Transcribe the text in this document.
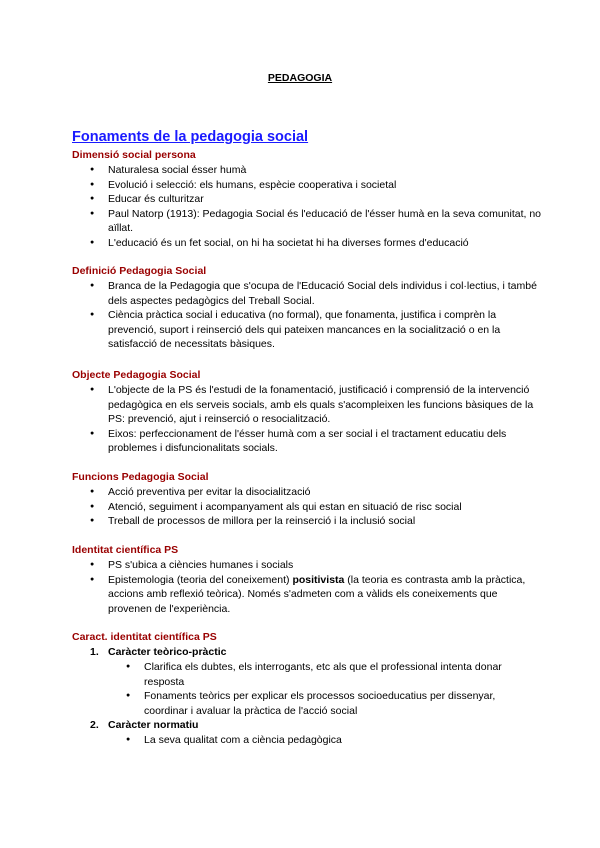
PEDAGOGIA
Fonaments de la pedagogia social
Dimensió social persona
● Naturalesa social ésser humà
● Evolució i selecció: els humans, espècie cooperativa i societal
● Educar és culturitzar
● Paul Natorp (1913): Pedagogia Social és l'educació de l'ésser humà en la seva comunitat, no aïllat.
● L'educació és un fet social, on hi ha societat hi ha diverses formes d'educació
Definició Pedagogia Social
● Branca de la Pedagogia que s'ocupa de l'Educació Social dels individus i col·lectius, i també dels aspectes pedagògics del Treball Social.
● Ciència pràctica social i educativa (no formal), que fonamenta, justifica i comprèn la prevenció, suport i reinserció dels qui pateixen mancances en la socialització o en la satisfacció de necessitats bàsiques.
Objecte Pedagogia Social
● L'objecte de la PS és l'estudi de la fonamentació, justificació i comprensió de la intervenció pedagògica en els serveis socials, amb els quals s'acompleixen les funcions bàsiques de la PS: prevenció, ajut i reinserció o resocialització.
● Eixos: perfeccionament de l'ésser humà com a ser social i el tractament educatiu dels problemes i disfuncionalitats socials.
Funcions Pedagogia Social
● Acció preventiva per evitar la disocialització
● Atenció, seguiment i acompanyament als qui estan en situació de risc social
● Treball de processos de millora per la reinserció i la inclusió social
Identitat científica PS
● PS s'ubica a ciències humanes i socials
● Epistemologia (teoria del coneixement) positivista (la teoria es contrasta amb la pràctica, accions amb reflexió teòrica). Només s'admeten com a vàlids els coneixements que provenen de l'experiència.
Caract. identitat científica PS
1. Caràcter teòrico-pràctic
● Clarifica els dubtes, els interrogants, etc als que el professional intenta donar resposta
● Fonaments teòrics per explicar els processos socioeducatius per dissenyar, coordinar i avaluar la pràctica de l'acció social
2. Caràcter normatiu
● La seva qualitat com a ciència pedagògica
